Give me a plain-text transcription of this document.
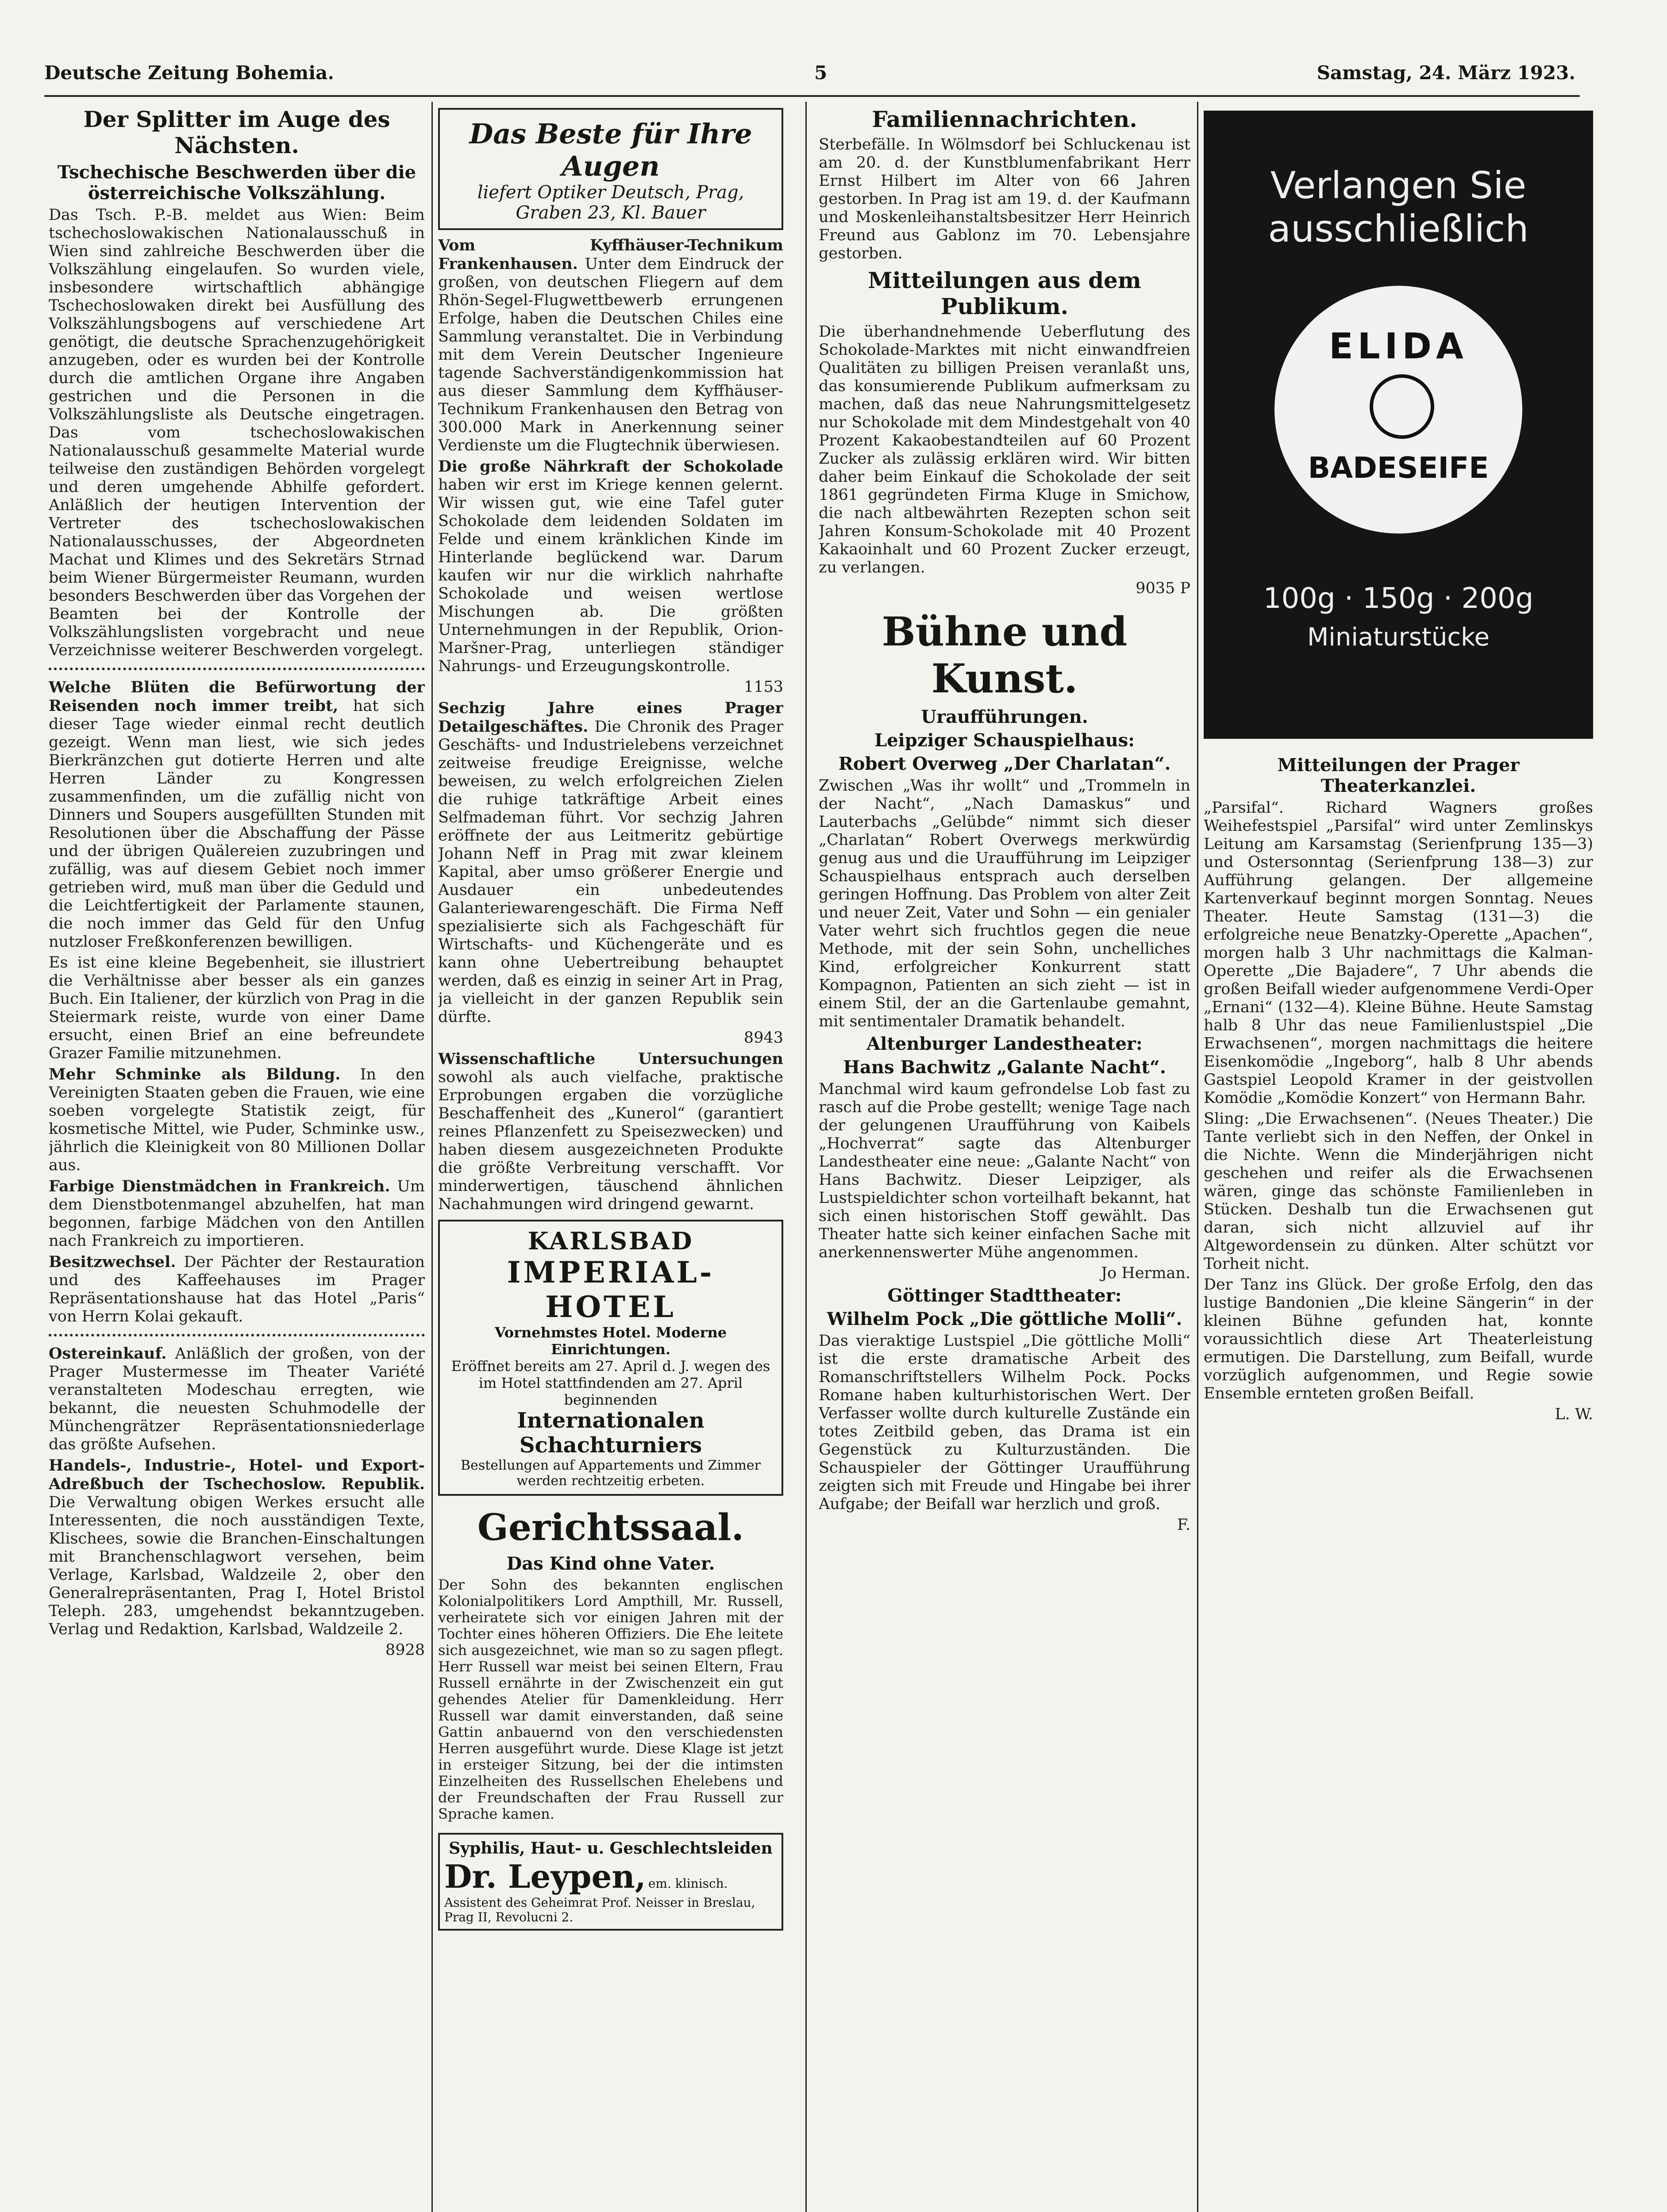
Deutsche Zeitung Bohemia.	5	Samstag, 24. März 1923.
Der Splitter im Auge des Nächsten.
Tschechische Beschwerden über die österreichische Volkszählung.

Das Tsch. P.-B. meldet aus Wien: Beim tschechoslowakischen Nationalausschuß in Wien sind zahlreiche Beschwerden über die Volkszählung eingelaufen. So wurden viele, insbesondere wirtschaftlich abhängige Tschechoslowaken direkt bei Ausfüllung des Volkszählungsbogens auf verschiedene Art genötigt, die deutsche Sprachenzugehörigkeit anzugeben, oder es wurden bei der Kontrolle durch die amtlichen Organe ihre Angaben gestrichen und die Personen in die Volkszählungsliste als Deutsche eingetragen. Das vom tschechoslowakischen Nationalausschuß gesammelte Material wurde teilweise den zuständigen Behörden vorgelegt und deren umgehende Abhilfe gefordert. Anläßlich der heutigen Intervention der Vertreter des tschechoslowakischen Nationalausschusses, der Abgeordneten Machat und Klimes und des Sekretärs Strnad beim Wiener Bürgermeister Reumann, wurden besonders Beschwerden über das Vorgehen der Beamten bei der Kontrolle der Volkszählungslisten vorgebracht und neue Verzeichnisse weiterer Beschwerden vorgelegt.

Welche Blüten die Befürwortung der Reisenden noch immer treibt, hat sich dieser Tage wieder einmal recht deutlich gezeigt. Wenn man liest, wie sich jedes Bierkränzchen gut dotierte Herren und alte Herren Länder zu Kongressen zusammenfinden, um die zufällig nicht von Dinners und Soupers ausgefüllten Stunden mit Resolutionen über die Abschaffung der Pässe und der übrigen Quälereien zuzubringen und zufällig, was auf diesem Gebiet noch immer getrieben wird, muß man über die Geduld und die Leichtfertigkeit der Parlamente staunen, die noch immer das Geld für den Unfug nutzloser Freßkonferenzen bewilligen.

Es ist eine kleine Begebenheit, sie illustriert die Verhältnisse aber besser als ein ganzes Buch. Ein Italiener, der kürzlich von Prag in die Steiermark reiste, wurde von einer Dame ersucht, einen Brief an eine befreundete Grazer Familie mitzunehmen.

Mehr Schminke als Bildung. In den Vereinigten Staaten geben die Frauen, wie eine soeben vorgelegte Statistik zeigt, für kosmetische Mittel, wie Puder, Schminke usw., jährlich die Kleinigkeit von 80 Millionen Dollar aus.

Farbige Dienstmädchen in Frankreich. Um dem Dienstbotenmangel abzuhelfen, hat man begonnen, farbige Mädchen von den Antillen nach Frankreich zu importieren.

Besitzwechsel. Der Pächter der Restauration und des Kaffeehauses im Prager Repräsentationshause hat das Hotel „Paris“ von Herrn Kolai gekauft.

Ostereinkauf. Anläßlich der großen, von der Prager Mustermesse im Theater Variété veranstalteten Modeschau erregten, wie bekannt, die neuesten Schuhmodelle der Münchengrätzer Repräsentationsniederlage das größte Aufsehen.

Handels-, Industrie-, Hotel- und Export-Adreßbuch der Tschechoslow. Republik. Die Verwaltung obigen Werkes ersucht alle Interessenten, die noch ausständigen Texte, Klischees, sowie die Branchen-Einschaltungen mit Branchenschlagwort versehen, beim Verlage, Karlsbad, Waldzeile 2, ober den Generalrepräsentanten, Prag I, Hotel Bristol Teleph. 283, umgehendst bekanntzugeben. Verlag und Redaktion, Karlsbad, Waldzeile 2.

8928

Das Beste für Ihre Augen
liefert Optiker Deutsch, Prag,
Graben 23, Kl. Bauer

Vom Kyffhäuser-Technikum Frankenhausen. Unter dem Eindruck der großen, von deutschen Fliegern auf dem Rhön-Segel-Flugwettbewerb errungenen Erfolge, haben die Deutschen Chiles eine Sammlung veranstaltet. Die in Verbindung mit dem Verein Deutscher Ingenieure tagende Sachverständigenkommission hat aus dieser Sammlung dem Kyffhäuser-Technikum Frankenhausen den Betrag von 300.000 Mark in Anerkennung seiner Verdienste um die Flugtechnik überwiesen.

Die große Nährkraft der Schokolade haben wir erst im Kriege kennen gelernt. Wir wissen gut, wie eine Tafel guter Schokolade dem leidenden Soldaten im Felde und einem kränklichen Kinde im Hinterlande beglückend war. Darum kaufen wir nur die wirklich nahrhafte Schokolade und weisen wertlose Mischungen ab. Die größten Unternehmungen in der Republik, Orion-Maršner-Prag, unterliegen ständiger Nahrungs- und Erzeugungskontrolle.

1153

Sechzig Jahre eines Prager Detailgeschäftes. Die Chronik des Prager Geschäfts- und Industrielebens verzeichnet zeitweise freudige Ereignisse, welche beweisen, zu welch erfolgreichen Zielen die ruhige tatkräftige Arbeit eines Selfmademan führt. Vor sechzig Jahren eröffnete der aus Leitmeritz gebürtige Johann Neff in Prag mit zwar kleinem Kapital, aber umso größerer Energie und Ausdauer ein unbedeutendes Galanteriewarengeschäft. Die Firma Neff spezialisierte sich als Fachgeschäft für Wirtschafts- und Küchengeräte und es kann ohne Uebertreibung behauptet werden, daß es einzig in seiner Art in Prag, ja vielleicht in der ganzen Republik sein dürfte.

8943

Wissenschaftliche Untersuchungen sowohl als auch vielfache, praktische Erprobungen ergaben die vorzügliche Beschaffenheit des „Kunerol“ (garantiert reines Pflanzenfett zu Speisezwecken) und haben diesem ausgezeichneten Produkte die größte Verbreitung verschafft. Vor minderwertigen, täuschend ähnlichen Nachahmungen wird dringend gewarnt.

KARLSBAD
IMPERIAL-HOTEL
Vornehmstes Hotel. Moderne Einrichtungen.
Eröffnet bereits am 27. April d. J. wegen des im Hotel stattfindenden am 27. April beginnenden
Internationalen Schachturniers
Bestellungen auf Appartements und Zimmer werden rechtzeitig erbeten.
Gerichtssaal.
Das Kind ohne Vater.

Der Sohn des bekannten englischen Kolonialpolitikers Lord Ampthill, Mr. Russell, verheiratete sich vor einigen Jahren mit der Tochter eines höheren Offiziers. Die Ehe leitete sich ausgezeichnet, wie man so zu sagen pflegt. Herr Russell war meist bei seinen Eltern, Frau Russell ernährte in der Zwischenzeit ein gut gehendes Atelier für Damenkleidung. Herr Russell war damit einverstanden, daß seine Gattin anbauernd von den verschiedensten Herren ausgeführt wurde. Diese Klage ist jetzt in ersteiger Sitzung, bei der die intimsten Einzelheiten des Russellschen Ehelebens und der Freundschaften der Frau Russell zur Sprache kamen.

Syphilis, Haut- u. Geschlechtsleiden
Dr. Leypen, em. klinisch. Assistent des Geheimrat Prof. Neisser in Breslau, Prag II, Revolucni 2.
Familiennachrichten.

Sterbefälle. In Wölmsdorf bei Schluckenau ist am 20. d. der Kunstblumenfabrikant Herr Ernst Hilbert im Alter von 66 Jahren gestorben. In Prag ist am 19. d. der Kaufmann und Moskenleihanstaltsbesitzer Herr Heinrich Freund aus Gablonz im 70. Lebensjahre gestorben.

Mitteilungen aus dem Publikum.

Die überhandnehmende Ueberflutung des Schokolade-Marktes mit nicht einwandfreien Qualitäten zu billigen Preisen veranlaßt uns, das konsumierende Publikum aufmerksam zu machen, daß das neue Nahrungsmittelgesetz nur Schokolade mit dem Mindestgehalt von 40 Prozent Kakaobestandteilen auf 60 Prozent Zucker als zulässig erklären wird. Wir bitten daher beim Einkauf die Schokolade der seit 1861 gegründeten Firma Kluge in Smichow, die nach altbewährten Rezepten schon seit Jahren Konsum-Schokolade mit 40 Prozent Kakaoinhalt und 60 Prozent Zucker erzeugt, zu verlangen.

9035 P

Bühne und Kunst.
Uraufführungen.
Leipziger Schauspielhaus:
Robert Overweg „Der Charlatan“.

Zwischen „Was ihr wollt“ und „Trommeln in der Nacht“, „Nach Damaskus“ und Lauterbachs „Gelübde“ nimmt sich dieser „Charlatan“ Robert Overwegs merkwürdig genug aus und die Uraufführung im Leipziger Schauspielhaus entsprach auch derselben geringen Hoffnung. Das Problem von alter Zeit und neuer Zeit, Vater und Sohn — ein genialer Vater wehrt sich fruchtlos gegen die neue Methode, mit der sein Sohn, unchelliches Kind, erfolgreicher Konkurrent statt Kompagnon, Patienten an sich zieht — ist in einem Stil, der an die Gartenlaube gemahnt, mit sentimentaler Dramatik behandelt.

Altenburger Landestheater:
Hans Bachwitz „Galante Nacht“.

Manchmal wird kaum gefrondelse Lob fast zu rasch auf die Probe gestellt; wenige Tage nach der gelungenen Uraufführung von Kaibels „Hochverrat“ sagte das Altenburger Landestheater eine neue: „Galante Nacht“ von Hans Bachwitz. Dieser Leipziger, als Lustspieldichter schon vorteilhaft bekannt, hat sich einen historischen Stoff gewählt. Das Theater hatte sich keiner einfachen Sache mit anerkennenswerter Mühe angenommen.

Jo Herman.

Göttinger Stadttheater:
Wilhelm Pock „Die göttliche Molli“.

Das vieraktige Lustspiel „Die göttliche Molli“ ist die erste dramatische Arbeit des Romanschriftstellers Wilhelm Pock. Pocks Romane haben kulturhistorischen Wert. Der Verfasser wollte durch kulturelle Zustände ein totes Zeitbild geben, das Drama ist ein Gegenstück zu Kulturzuständen. Die Schauspieler der Göttinger Uraufführung zeigten sich mit Freude und Hingabe bei ihrer Aufgabe; der Beifall war herzlich und groß.

F.

Verlangen Sie
ausschließlich
ELIDA
BADESEIFE
100g · 150g · 200g
Miniaturstücke
Mitteilungen der Prager Theaterkanzlei.

„Parsifal“. Richard Wagners großes Weihefestspiel „Parsifal“ wird unter Zemlinskys Leitung am Karsamstag (Serienfprung 135—3) und Ostersonntag (Serienfprung 138—3) zur Aufführung gelangen. Der allgemeine Kartenverkauf beginnt morgen Sonntag. Neues Theater. Heute Samstag (131—3) die erfolgreiche neue Benatzky-Operette „Apachen“, morgen halb 3 Uhr nachmittags die Kalman-Operette „Die Bajadere“, 7 Uhr abends die großen Beifall wieder aufgenommene Verdi-Oper „Ernani“ (132—4). Kleine Bühne. Heute Samstag halb 8 Uhr das neue Familienlustspiel „Die Erwachsenen“, morgen nachmittags die heitere Eisenkomödie „Ingeborg“, halb 8 Uhr abends Gastspiel Leopold Kramer in der geistvollen Komödie „Komödie Konzert“ von Hermann Bahr.

Sling: „Die Erwachsenen“. (Neues Theater.) Die Tante verliebt sich in den Neffen, der Onkel in die Nichte. Wenn die Minderjährigen nicht geschehen und reifer als die Erwachsenen wären, ginge das schönste Familienleben in Stücken. Deshalb tun die Erwachsenen gut daran, sich nicht allzuviel auf ihr Altgewordensein zu dünken. Alter schützt vor Torheit nicht.

Der Tanz ins Glück. Der große Erfolg, den das lustige Bandonien „Die kleine Sängerin“ in der kleinen Bühne gefunden hat, konnte voraussichtlich diese Art Theaterleistung ermutigen. Die Darstellung, zum Beifall, wurde vorzüglich aufgenommen, und Regie sowie Ensemble ernteten großen Beifall.

L. W.
